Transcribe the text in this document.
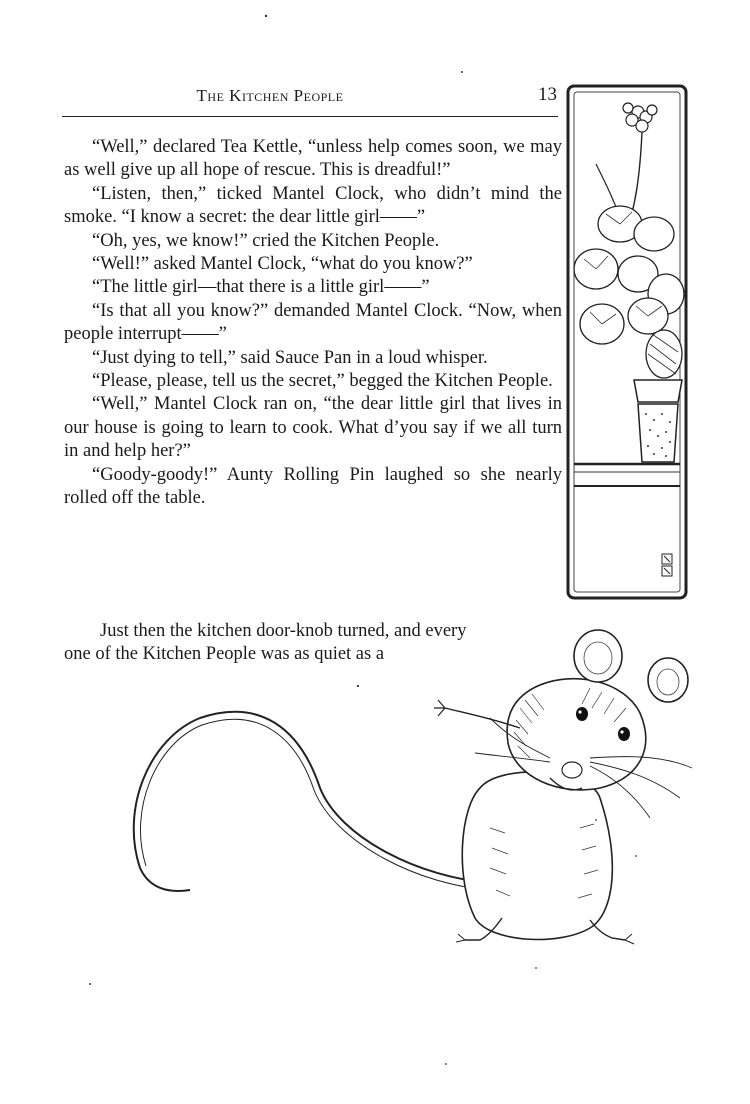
The Kitchen People	13

“Well,” declared Tea Kettle, “unless help comes soon, we may as well give up all hope of rescue. This is dreadful!”

“Listen, then,” ticked Mantel Clock, who didn’t mind the smoke. “I know a secret: the dear little girl——”

“Oh, yes, we know!” cried the Kitchen People.

“Well!” asked Mantel Clock, “what do you know?”

“The little girl—that there is a little girl——”

“Is that all you know?” demanded Mantel Clock. “Now, when people interrupt——”

“Just dying to tell,” said Sauce Pan in a loud whisper.

“Please, please, tell us the secret,” begged the Kitchen People.

“Well,” Mantel Clock ran on, “the dear little girl that lives in our house is going to learn to cook. What d’you say if we all turn in and help her?”

“Goody-goody!” Aunty Rolling Pin laughed so she nearly rolled off the table.

Just then the kitchen door-knob turned, and every
one of the Kitchen People was as quiet as a
